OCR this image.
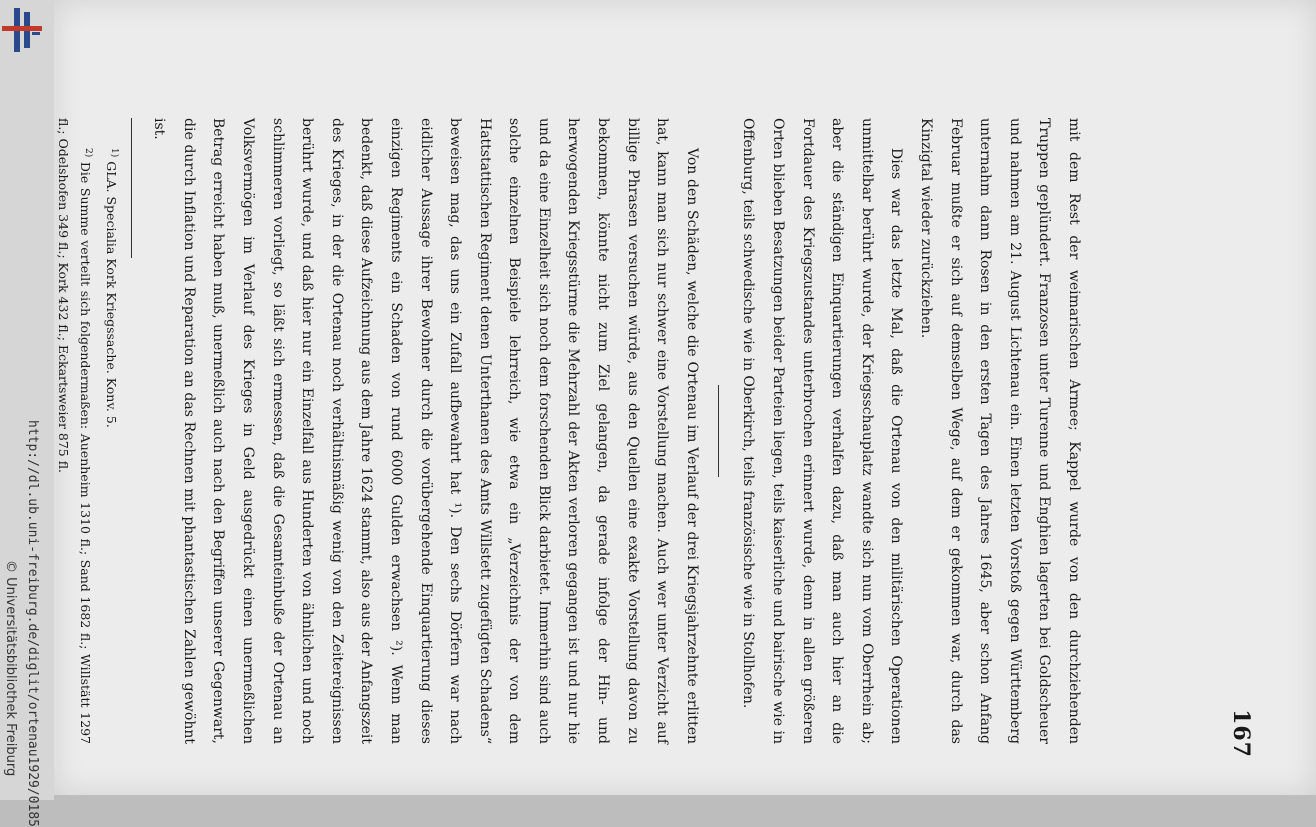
http://dl.ub.uni-freiburg.de/diglit/ortenau1929/0185
© Universitätsbibliothek Freiburg	167

mit dem Rest der weimarischen Armee; Kappel wurde von den durchziehenden Truppen geplündert. Franzosen unter Turenne und Enghien lagerten bei Goldscheuer und nahmen am 21. August Lichtenau ein. Einen letzten Vorstoß gegen Württemberg unternahm dann Rosen in den ersten Tagen des Jahres 1645, aber schon Anfang Februar mußte er sich auf demselben Wege, auf dem er gekommen war, durch das Kinzigtal wieder zurückziehen.

Dies war das letzte Mal, daß die Ortenau von den militärischen Operationen unmittelbar berührt wurde, der Kriegsschauplatz wandte sich nun vom Oberrhein ab; aber die ständigen Einquartierungen verhalfen dazu, daß man auch hier an die Fortdauer des Kriegszustandes unterbrochen erinnert wurde, denn in allen größeren Orten blieben Besatzungen beider Parteien liegen, teils kaiserliche und bairische wie in Offenburg, teils schwedische wie in Oberkirch, teils französische wie in Stollhofen.

Von den Schäden, welche die Ortenau im Verlauf der drei Kriegsjahrzehnte erlitten hat, kann man sich nur schwer eine Vorstellung machen. Auch wer unter Verzicht auf billige Phrasen versuchen würde, aus den Quellen eine exakte Vorstellung davon zu bekommen, könnte nicht zum Ziel gelangen, da gerade infolge der Hin- und herwogenden Kriegsstürme die Mehrzahl der Akten verloren gegangen ist und nur hie und da eine Einzelheit sich noch dem forschenden Blick darbietet. Immerhin sind auch solche einzelnen Beispiele lehrreich, wie etwa ein „Verzeichnis der von dem Hattstattischen Regiment denen Unterthanen des Amts Willstett zugefügten Schadens“ beweisen mag, das uns ein Zufall aufbewahrt hat ¹). Den sechs Dörfern war nach eidlicher Aussage ihrer Bewohner durch die vorübergehende Einquartierung dieses einzigen Regiments ein Schaden von rund 6000 Gulden erwachsen ²). Wenn man bedenkt, daß diese Aufzeichnung aus dem Jahre 1624 stammt, also aus der Anfangszeit des Krieges, in der die Ortenau noch verhältnismäßig wenig von den Zeitereignissen berührt wurde, und daß hier nur ein Einzelfall aus Hunderten von ähnlichen und noch schlimmeren vorliegt, so läßt sich ermessen, daß die Gesamteinbuße der Ortenau an Volksvermögen im Verlauf des Krieges in Geld ausgedrückt einen unermeßlichen Betrag erreicht haben muß, unermeßlich auch nach den Begriffen unserer Gegenwart, die durch Inflation und Reparation an das Rechnen mit phantastischen Zahlen gewöhnt ist.

$^{1)}$ GLA. Specialia Kork Kriegssache. Konv. 5.

$^{2)}$ Die Summe verteilt sich folgendermaßen: Auenheim 1310 fl.; Sand 1682 fl.; Willstätt 1297 fl.; Odelshofen 349 fl.; Kork 432 fl.; Eckartsweier 875 fl.
